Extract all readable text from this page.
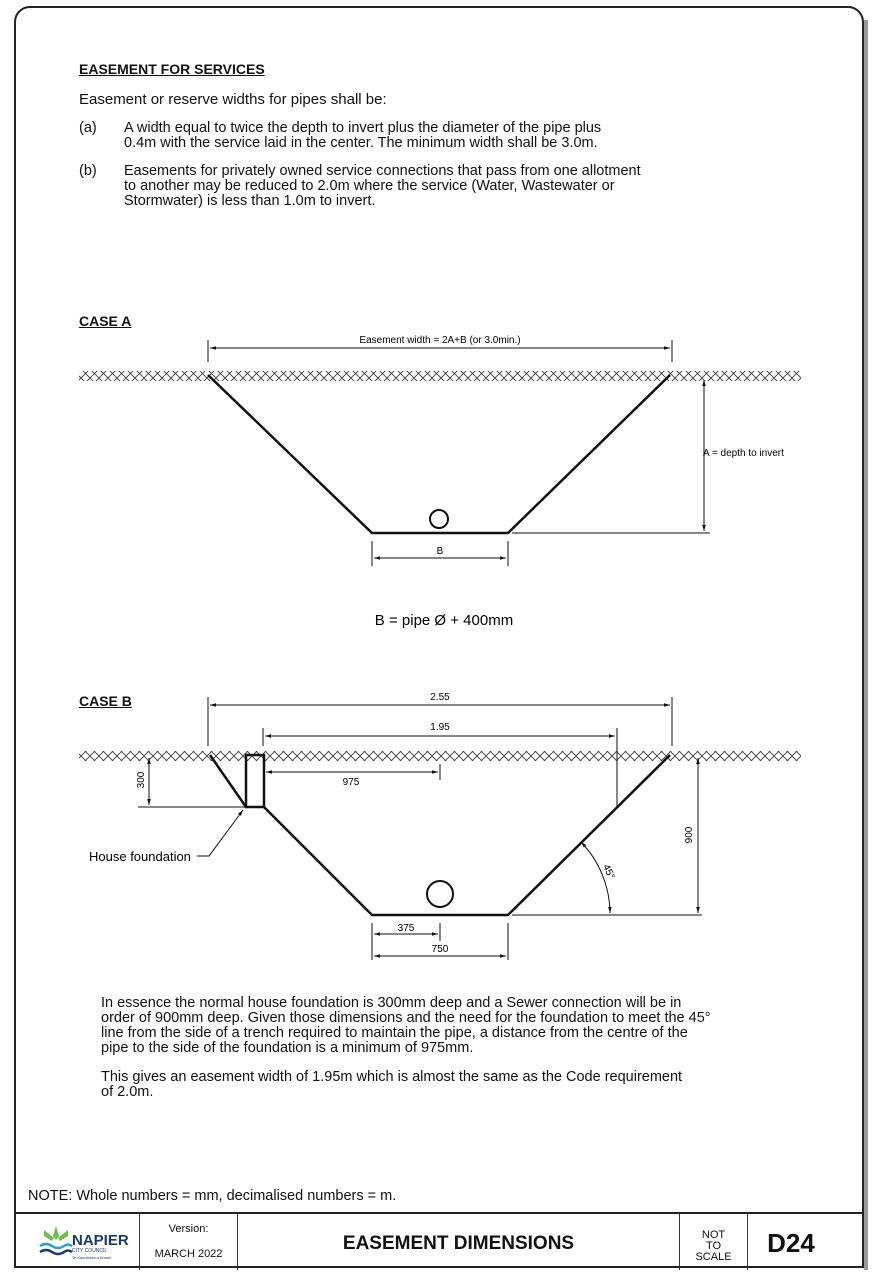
EASEMENT FOR SERVICES
Easement or reserve widths for pipes shall be:
(a) A width equal to twice the depth to invert plus the diameter of the pipe plus
0.4m with the service laid in the center. The minimum width shall be 3.0m.
(b) Easements for privately owned service connections that pass from one allotment
to another may be reduced to 2.0m where the service (Water, Wastewater or
Stormwater) is less than 1.0m to invert.
CASE A
CASE B
Easement width = 2A+B (or 3.0min.)
A = depth to invert
B
B = pipe Ø + 400mm
2.55
1.95
975
300
900
45°
375
750
House foundation
In essence the normal house foundation is 300mm deep and a Sewer connection will be in
order of 900mm deep. Given those dimensions and the need for the foundation to meet the 45°
line from the side of a trench required to maintain the pipe, a distance from the centre of the
pipe to the side of the foundation is a minimum of 975mm.
This gives an easement width of 1.95m which is almost the same as the Code requirement
of 2.0m.
NOTE: Whole numbers = mm, decimalised numbers = m.
NAPIER
CITY COUNCIL
Te Kaunihera o Ahuriri
Version:
MARCH 2022	EASEMENT DIMENSIONS	NOT
TO
SCALE	D24
